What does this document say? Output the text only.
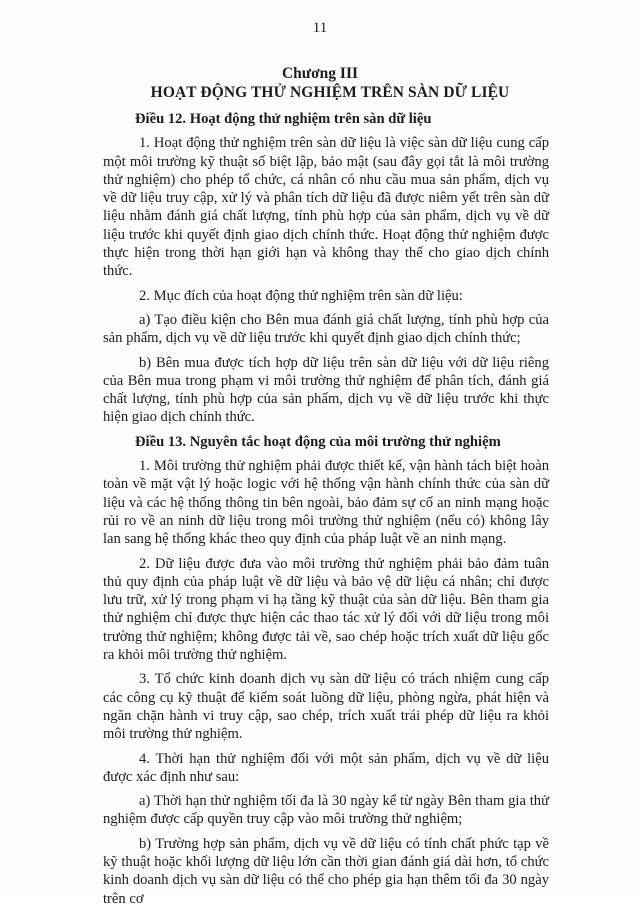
11
Chương III
HOẠT ĐỘNG THỬ NGHIỆM TRÊN SÀN DỮ LIỆU
Điều 12. Hoạt động thử nghiệm trên sàn dữ liệu

1. Hoạt động thử nghiệm trên sàn dữ liệu là việc sàn dữ liệu cung cấp một môi trường kỹ thuật số biệt lập, bảo mật (sau đây gọi tắt là môi trường thử nghiệm) cho phép tổ chức, cá nhân có nhu cầu mua sản phẩm, dịch vụ về dữ liệu truy cập, xử lý và phân tích dữ liệu đã được niêm yết trên sàn dữ liệu nhằm đánh giá chất lượng, tính phù hợp của sản phẩm, dịch vụ về dữ liệu trước khi quyết định giao dịch chính thức. Hoạt động thử nghiệm được thực hiện trong thời hạn giới hạn và không thay thế cho giao dịch chính thức.

2. Mục đích của hoạt động thử nghiệm trên sàn dữ liệu:

a) Tạo điều kiện cho Bên mua đánh giá chất lượng, tính phù hợp của sản phẩm, dịch vụ về dữ liệu trước khi quyết định giao dịch chính thức;

b) Bên mua được tích hợp dữ liệu trên sàn dữ liệu với dữ liệu riêng của Bên mua trong phạm vi môi trường thử nghiệm để phân tích, đánh giá chất lượng, tính phù hợp của sản phẩm, dịch vụ về dữ liệu trước khi thực hiện giao dịch chính thức.

Điều 13. Nguyên tắc hoạt động của môi trường thử nghiệm

1. Môi trường thử nghiệm phải được thiết kế, vận hành tách biệt hoàn toàn về mặt vật lý hoặc logic với hệ thống vận hành chính thức của sàn dữ liệu và các hệ thống thông tin bên ngoài, bảo đảm sự cố an ninh mạng hoặc rủi ro về an ninh dữ liệu trong môi trường thử nghiệm (nếu có) không lây lan sang hệ thống khác theo quy định của pháp luật về an ninh mạng.

2. Dữ liệu được đưa vào môi trường thử nghiệm phải bảo đảm tuân thủ quy định của pháp luật về dữ liệu và bảo vệ dữ liệu cá nhân; chỉ được lưu trữ, xử lý trong phạm vi hạ tầng kỹ thuật của sàn dữ liệu. Bên tham gia thử nghiệm chỉ được thực hiện các thao tác xử lý đối với dữ liệu trong môi trường thử nghiệm; không được tải về, sao chép hoặc trích xuất dữ liệu gốc ra khỏi môi trường thử nghiệm.

3. Tổ chức kinh doanh dịch vụ sàn dữ liệu có trách nhiệm cung cấp các công cụ kỹ thuật để kiểm soát luồng dữ liệu, phòng ngừa, phát hiện và ngăn chặn hành vi truy cập, sao chép, trích xuất trái phép dữ liệu ra khỏi môi trường thử nghiệm.

4. Thời hạn thử nghiệm đối với một sản phẩm, dịch vụ về dữ liệu được xác định như sau:

a) Thời hạn thử nghiệm tối đa là 30 ngày kể từ ngày Bên tham gia thử nghiệm được cấp quyền truy cập vào môi trường thử nghiệm;

b) Trường hợp sản phẩm, dịch vụ về dữ liệu có tính chất phức tạp về kỹ thuật hoặc khối lượng dữ liệu lớn cần thời gian đánh giá dài hơn, tổ chức kinh doanh dịch vụ sàn dữ liệu có thể cho phép gia hạn thêm tối đa 30 ngày trên cơ
